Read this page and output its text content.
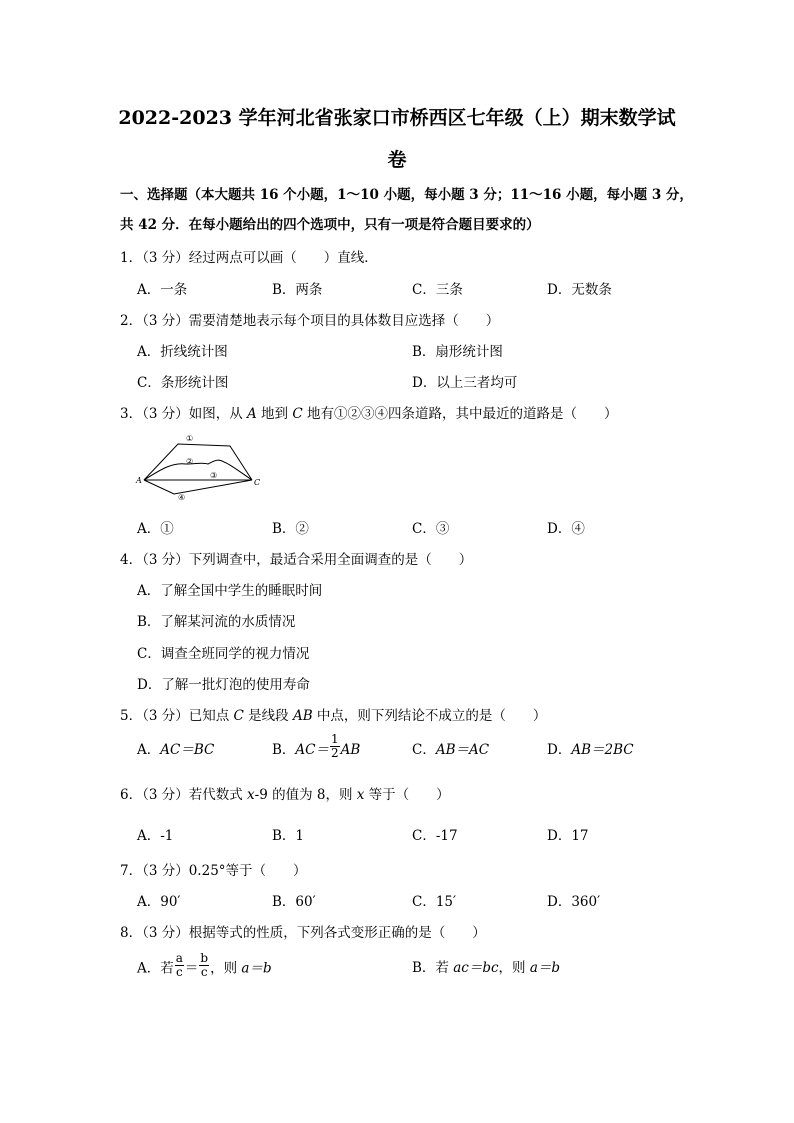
2022-2023 学年河北省张家口市桥西区七年级（上）期末数学试
卷
一、选择题（本大题共 16 个小题，1～10 小题，每小题 3 分；11～16 小题，每小题 3 分，
共 42 分．在每小题给出的四个选项中，只有一项是符合题目要求的）
1．（3 分）经过两点可以画（　　）直线．
A．一条	B．两条	C．三条	D．无数条
2．（3 分）需要清楚地表示每个项目的具体数目应选择（　　）
A．折线统计图	B．扇形统计图
C．条形统计图	D．以上三者均可
3．（3 分）如图，从 A 地到 C 地有①②③④四条道路，其中最近的道路是（　　）
A	C
①
②
③
④
A．①	B．②	C．③	D．④
4．（3 分）下列调查中，最适合采用全面调查的是（　　）
A．了解全国中学生的睡眠时间
B．了解某河流的水质情况
C．调查全班同学的视力情况
D．了解一批灯泡的使用寿命
5．（3 分）已知点 C 是线段 AB 中点，则下列结论不成立的是（　　）
A．AC＝BC	B．$AC= \frac{1}{2}$ AB	C．AB＝AC	D．AB＝2BC
6．（3 分）若代数式 x-9 的值为 8，则 x 等于（　　）
A．-1	B．1	C．-17	D．17
7．（3 分）0.25°等于（　　）
A．90′	B．60′	C．15′	D．360′
8．（3 分）根据等式的性质，下列各式变形正确的是（　　）
A．若 $\frac{a}{c} = \frac{b}{c}$ ，则 a＝b	B．若 ac＝bc，则 a＝b
